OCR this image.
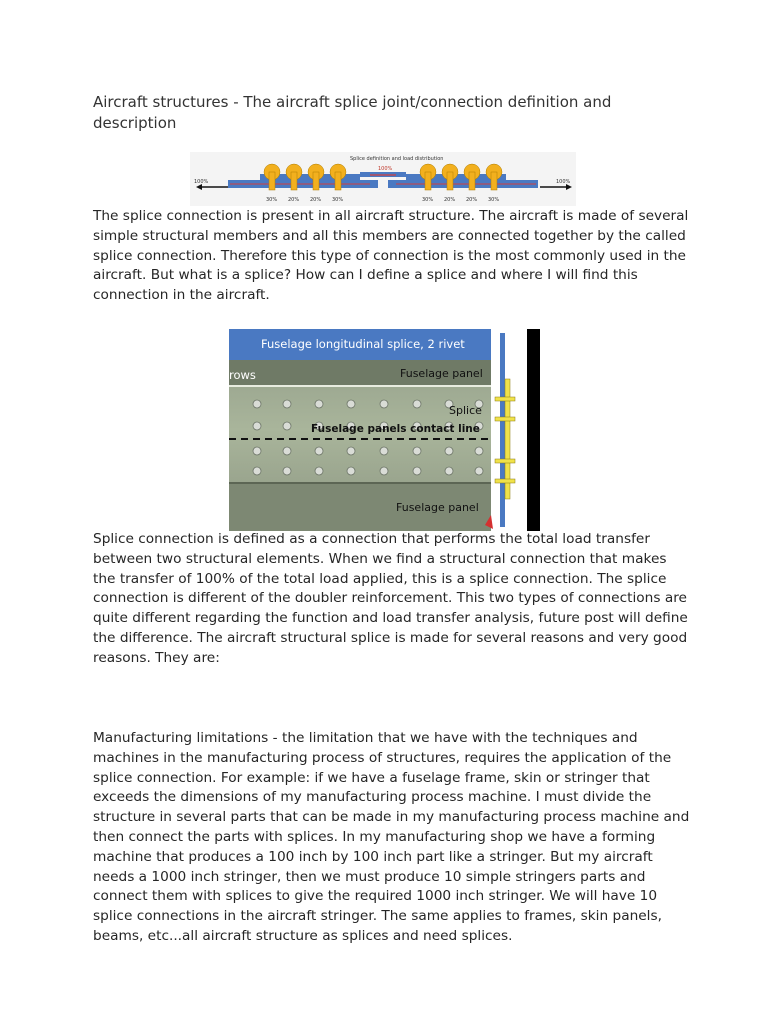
Aircraft structures - The aircraft splice joint/connection definition and description
Splice definition and load distribution
100%
100%	100%
30% 20% 20% 30%	30% 20% 20% 30%
The splice connection is present in all aircraft structure. The aircraft is made of several simple structural members and all this members are connected together by the called splice connection. Therefore this type of connection is the most commonly used in the aircraft. But what is a splice? How can I define a splice and where I will find this connection in the aircraft.
Fuselage longitudinal splice, 2 rivet rows	Fuselage panel
Splice
Fuselage panels contact line
Fuselage panel
Splice connection is defined as a connection that performs the total load transfer between two structural elements. When we find a structural connection that makes the transfer of 100% of the total load applied, this is a splice connection. The splice connection is different of the doubler reinforcement. This two types of connections are quite different regarding the function and load transfer analysis, future post will define the difference. The aircraft structural splice is made for several reasons and very good reasons. They are:
Manufacturing limitations - the limitation that we have with the techniques and machines in the manufacturing process of structures, requires the application of the splice connection. For example: if we have a fuselage frame, skin or stringer that exceeds the dimensions of my manufacturing process machine. I must divide the structure in several parts that can be made in my manufacturing process machine and then connect the parts with splices. In my manufacturing shop we have a forming machine that produces a 100 inch by 100 inch part like a stringer. But my aircraft needs a 1000 inch stringer, then we must produce 10 simple stringers parts and connect them with splices to give the required 1000 inch stringer. We will have 10 splice connections in the aircraft stringer. The same applies to frames, skin panels, beams, etc...all aircraft structure as splices and need splices.
